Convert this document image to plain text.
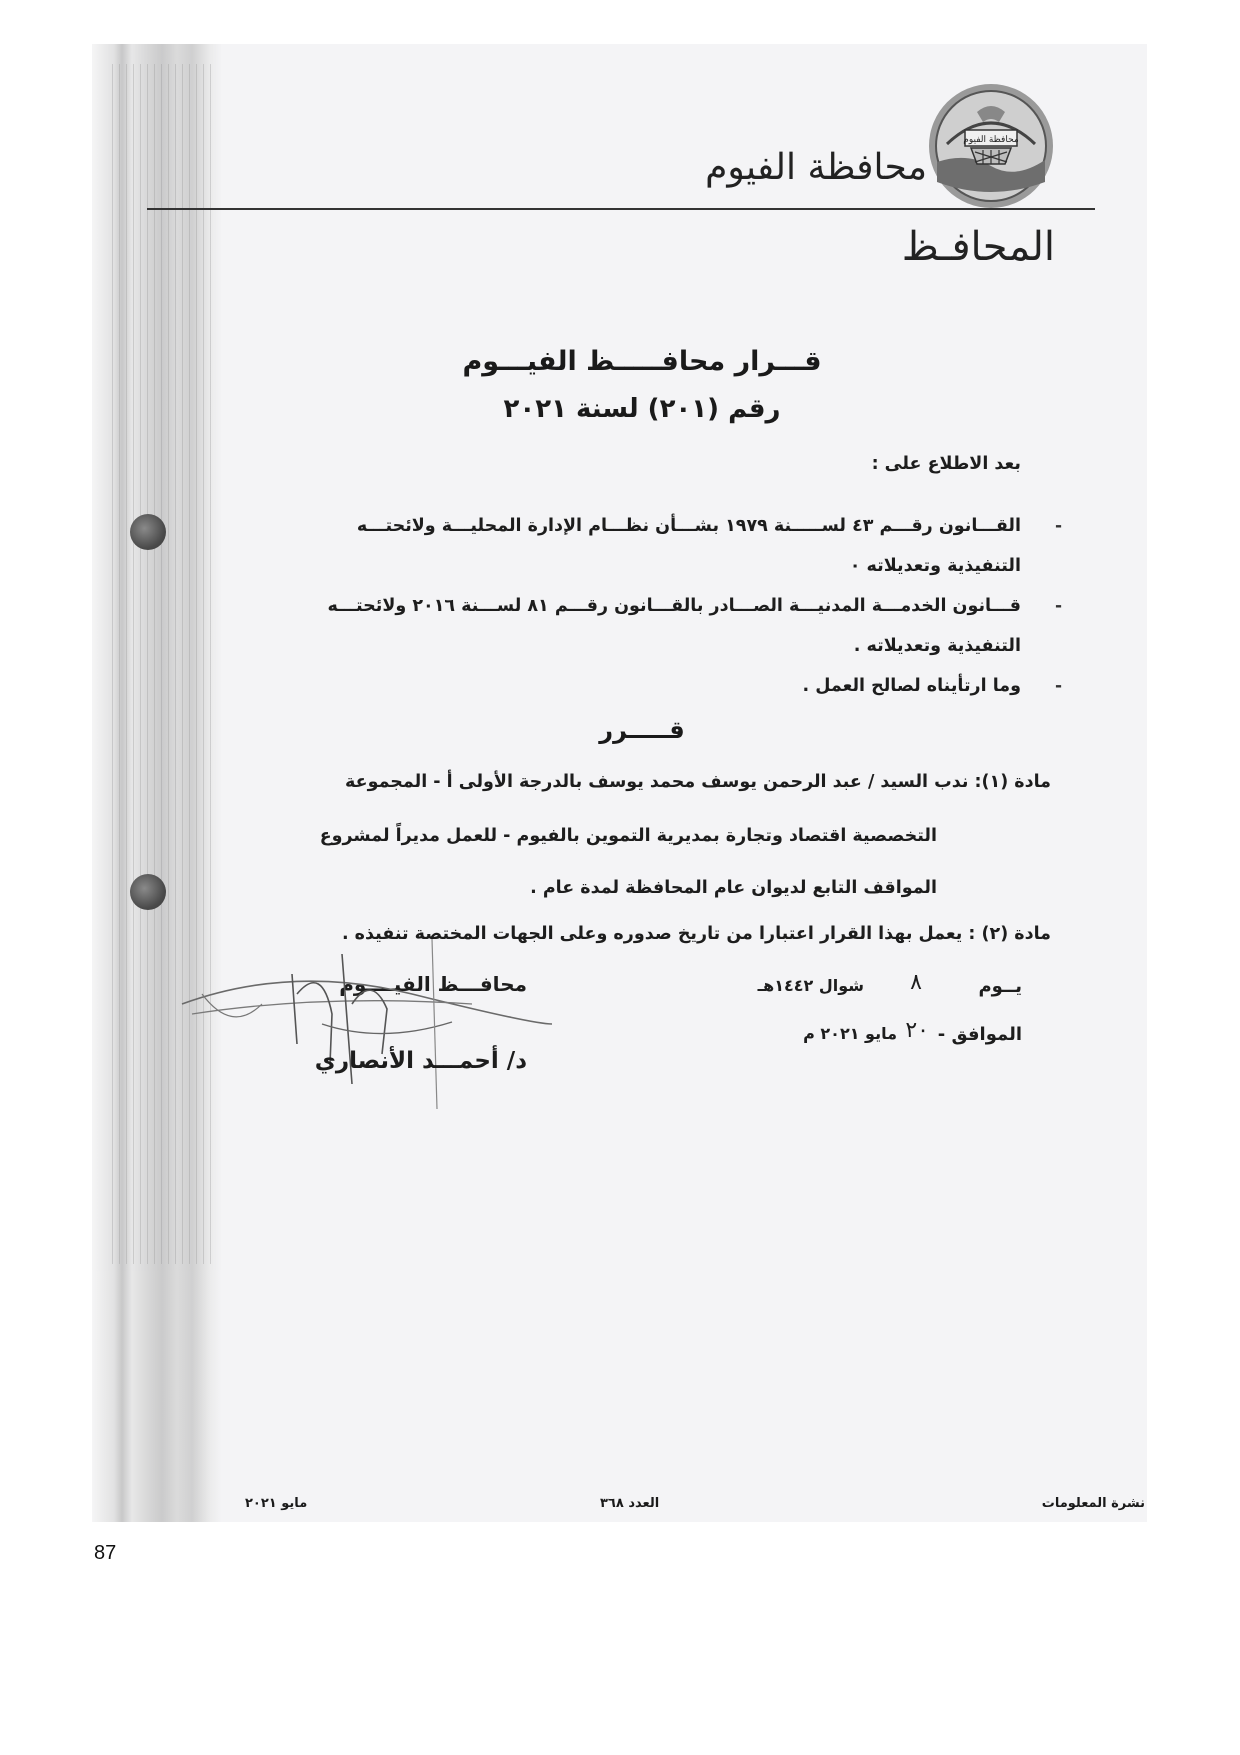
محافظة الفيوم
محافظة الفيوم
المحافـظ
قـــرار محافـــــظ الفيـــوم
رقم (٢٠١) لسنة ٢٠٢١
بعد الاطلاع على :
-
القـــانون رقـــم ٤٣ لســـــنة ١٩٧٩ بشـــأن نظـــام الإدارة المحليـــة ولائحتـــه
التنفيذية وتعديلاته ٠
-
قـــانون الخدمـــة المدنيـــة الصـــادر بالقـــانون رقـــم ٨١ لســـنة ٢٠١٦ ولائحتـــه
التنفيذية وتعديلاته .
-
وما ارتأيناه لصالح العمل .
قـــــرر
مادة (١): ندب السيد / عبد الرحمن يوسف محمد يوسف بالدرجة الأولى أ - المجموعة
التخصصية اقتصاد وتجارة بمديرية التموين بالفيوم - للعمل مديراً لمشروع
المواقف التابع لديوان عام المحافظة لمدة عام .
مادة (٢) : يعمل بهذا القرار اعتبارا من تاريخ صدوره وعلى الجهات المختصة تنفيذه .
يــوم
٨
شوال ١٤٤٢هـ
الموافق -
٢٠
مايو ٢٠٢١ م
محافـــظ الفيــــوم
د/ أحمـــد الأنصاري
نشرة المعلومات
العدد ٣٦٨
مايو ٢٠٢١
87
